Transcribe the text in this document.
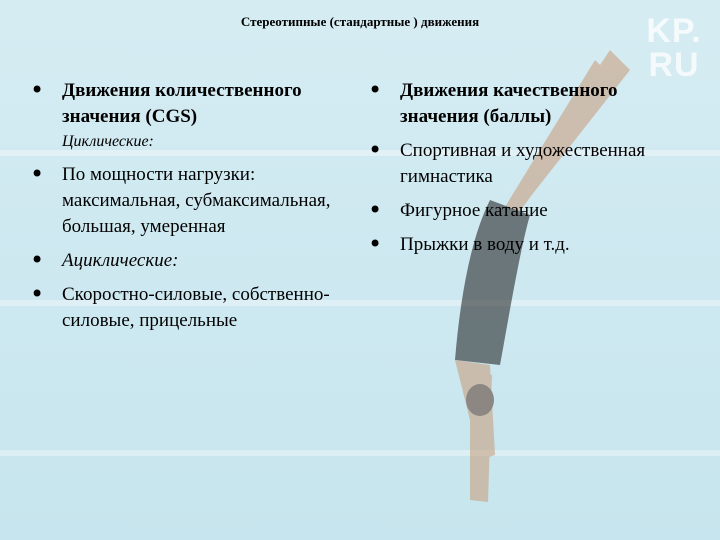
KP. RU
Стереотипные (стандартные ) движения
• Движения количественного значения (CGS)
Циклические:
• По мощности нагрузки: максимальная, субмаксимальная, большая, умеренная
• Ациклические:
• Скоростно-силовые, собственно-силовые, прицельные
• Движения качественного значения (баллы)
• Спортивная и художественная гимнастика
• Фигурное катание
• Прыжки в воду и т.д.
